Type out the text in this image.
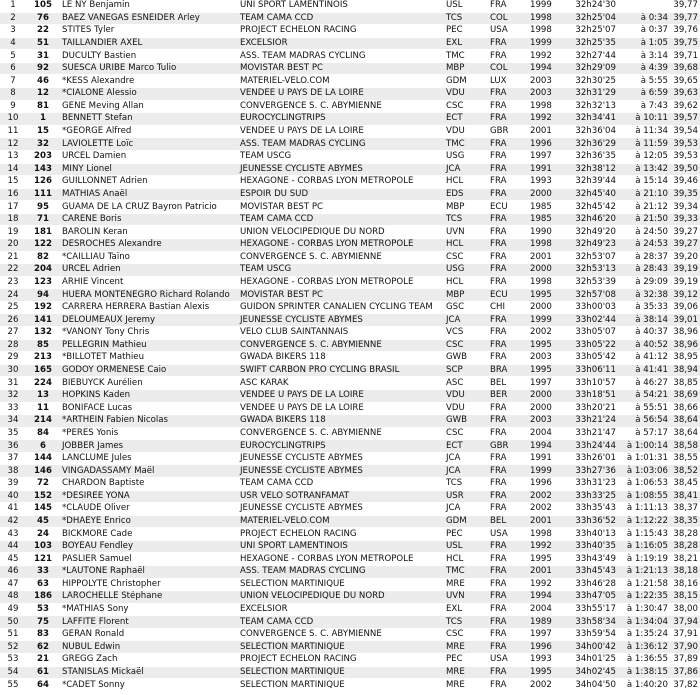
1	105	LE NY Benjamin	UNI SPORT LAMENTINOIS	USL	FRA	1999	32h24'30		39,77
2	76	BAEZ VANEGAS ESNEIDER Arley	TEAM CAMA CCD	TCS	COL	1998	32h25'04	à 0:34	39,77
3	22	STITES Tyler	PROJECT ECHELON RACING	PEC	USA	1998	32h25'07	à 0:37	39,76
4	51	TAILLANDIER AXEL	EXCELSIOR	EXL	FRA	1999	32h25'35	à 1:05	39,75
5	31	DUCULTY Bastien	ASS. TEAM MADRAS CYCLING	TMC	FRA	1992	32h27'44	à 3:14	39,71
6	92	SUESCA URIBE Marco Tulio	MOVISTAR BEST PC	MBP	COL	1994	32h29'09	à 4:39	39,68
7	46	*KESS Alexandre	MATERIEL-VELO.COM	GDM	LUX	2003	32h30'25	à 5:55	39,65
8	12	*CIALONE Alessio	VENDEE U PAYS DE LA LOIRE	VDU	FRA	2003	32h31'29	à 6:59	39,63
9	81	GENE Meving Allan	CONVERGENCE S. C. ABYMIENNE	CSC	FRA	1998	32h32'13	à 7:43	39,62
10	1	BENNETT Stefan	EUROCYCLINGTRIPS	ECT	FRA	1992	32h34'41	à 10:11	39,57
11	15	*GEORGE Alfred	VENDEE U PAYS DE LA LOIRE	VDU	GBR	2001	32h36'04	à 11:34	39,54
12	32	LAVIOLETTE Loïc	ASS. TEAM MADRAS CYCLING	TMC	FRA	1996	32h36'29	à 11:59	39,53
13	203	URCEL Damien	TEAM USCG	USG	FRA	1997	32h36'35	à 12:05	39,53
14	143	MINY Lionel	JEUNESSE CYCLISTE ABYMES	JCA	FRA	1991	32h38'12	à 13:42	39,50
15	126	GUILLONNET Adrien	HEXAGONE - CORBAS LYON METROPOLE	HCL	FRA	1993	32h39'44	à 15:14	39,46
16	111	MATHIAS Anaël	ESPOIR DU SUD	EDS	FRA	2000	32h45'40	à 21:10	39,35
17	95	GUAMA DE LA CRUZ Bayron Patricio	MOVISTAR BEST PC	MBP	ECU	1985	32h45'42	à 21:12	39,34
18	71	CARENE Boris	TEAM CAMA CCD	TCS	FRA	1985	32h46'20	à 21:50	39,33
19	181	BAROLIN Keran	UNION VELOCIPEDIQUE DU NORD	UVN	FRA	1990	32h49'20	à 24:50	39,27
20	122	DESROCHES Alexandre	HEXAGONE - CORBAS LYON METROPOLE	HCL	FRA	1998	32h49'23	à 24:53	39,27
21	82	*CAILLIAU Taïno	CONVERGENCE S. C. ABYMIENNE	CSC	FRA	2001	32h53'07	à 28:37	39,20
22	204	URCEL Adrien	TEAM USCG	USG	FRA	2000	32h53'13	à 28:43	39,19
23	123	ARHIE Vincent	HEXAGONE - CORBAS LYON METROPOLE	HCL	FRA	1998	32h53'39	à 29:09	39,19
24	94	HUERA MONTENEGRO Richard Rolando	MOVISTAR BEST PC	MBP	ECU	1995	32h57'08	à 32:38	39,12
25	192	CARRERA HERRERA Bastian Alexis	GUIDON SPRINTER CANALIEN CYCLING TEAM	GSC	CHI	2000	33h00'03	à 35:33	39,06
26	141	DELOUMEAUX Jeremy	JEUNESSE CYCLISTE ABYMES	JCA	FRA	1999	33h02'44	à 38:14	39,01
27	132	*VANONY Tony Chris	VELO CLUB SAINTANNAIS	VCS	FRA	2002	33h05'07	à 40:37	38,96
28	85	PELLEGRIN Mathieu	CONVERGENCE S. C. ABYMIENNE	CSC	FRA	1995	33h05'22	à 40:52	38,96
29	213	*BILLOTET Mathieu	GWADA BIKERS 118	GWB	FRA	2003	33h05'42	à 41:12	38,95
30	165	GODOY ORMENESE Caio	SWIFT CARBON PRO CYCLING BRASIL	SCP	BRA	1995	33h06'11	à 41:41	38,94
31	224	BIEBUYCK Aurélien	ASC KARAK	ASC	BEL	1997	33h10'57	à 46:27	38,85
32	13	HOPKINS Kaden	VENDEE U PAYS DE LA LOIRE	VDU	BER	2000	33h18'51	à 54:21	38,69
33	11	BONIFACE Lucas	VENDEE U PAYS DE LA LOIRE	VDU	FRA	2000	33h20'21	à 55:51	38,66
34	214	*ARTHEIN Fabien Nicolas	GWADA BIKERS 118	GWB	FRA	2003	33h21'24	à 56:54	38,64
35	84	*PERES Yonis	CONVERGENCE S. C. ABYMIENNE	CSC	FRA	2004	33h21'47	à 57:17	38,64
36	6	JOBBER James	EUROCYCLINGTRIPS	ECT	GBR	1994	33h24'44	à 1:00:14	38,58
37	144	LANCLUME Jules	JEUNESSE CYCLISTE ABYMES	JCA	FRA	1991	33h26'01	à 1:01:31	38,55
38	146	VINGADASSAMY Maël	JEUNESSE CYCLISTE ABYMES	JCA	FRA	1999	33h27'36	à 1:03:06	38,52
39	72	CHARDON Baptiste	TEAM CAMA CCD	TCS	FRA	1996	33h31'23	à 1:06:53	38,45
40	152	*DESIREE YONA	USR VELO SOTRANFAMAT	USR	FRA	2002	33h33'25	à 1:08:55	38,41
41	145	*CLAUDE Oliver	JEUNESSE CYCLISTE ABYMES	JCA	FRA	2002	33h35'43	à 1:11:13	38,37
42	45	*DHAEYE Enrico	MATERIEL-VELO.COM	GDM	BEL	2001	33h36'52	à 1:12:22	38,35
43	24	BICKMORE Cade	PROJECT ECHELON RACING	PEC	USA	1998	33h40'13	à 1:15:43	38,28
44	103	BOYEAU Fendley	UNI SPORT LAMENTINOIS	USL	FRA	1992	33h40'35	à 1:16:05	38,28
45	121	PASLIER Samuel	HEXAGONE - CORBAS LYON METROPOLE	HCL	FRA	1995	33h43'49	à 1:19:19	38,21
46	33	*LAUTONE Raphaël	ASS. TEAM MADRAS CYCLING	TMC	FRA	2001	33h45'43	à 1:21:13	38,18
47	63	HIPPOLYTE Christopher	SELECTION MARTINIQUE	MRE	FRA	1992	33h46'28	à 1:21:58	38,16
48	186	LAROCHELLE Stéphane	UNION VELOCIPEDIQUE DU NORD	UVN	FRA	1994	33h47'05	à 1:22:35	38,15
49	53	*MATHIAS Sony	EXCELSIOR	EXL	FRA	2004	33h55'17	à 1:30:47	38,00
50	75	LAFFITE Florent	TEAM CAMA CCD	TCS	FRA	1989	33h58'34	à 1:34:04	37,94
51	83	GERAN Ronald	CONVERGENCE S. C. ABYMIENNE	CSC	FRA	1997	33h59'54	à 1:35:24	37,91
52	62	NUBUL Edwin	SELECTION MARTINIQUE	MRE	FRA	1996	34h00'42	à 1:36:12	37,90
53	21	GREGG Zach	PROJECT ECHELON RACING	PEC	USA	1993	34h01'25	à 1:36:55	37,89
54	61	STANISLAS Mickaël	SELECTION MARTINIQUE	MRE	FRA	1995	34h02'45	à 1:38:15	37,86
55	64	*CADET Sonny	SELECTION MARTINIQUE	MRE	FRA	2002	34h04'50	à 1:40:20	37,82
